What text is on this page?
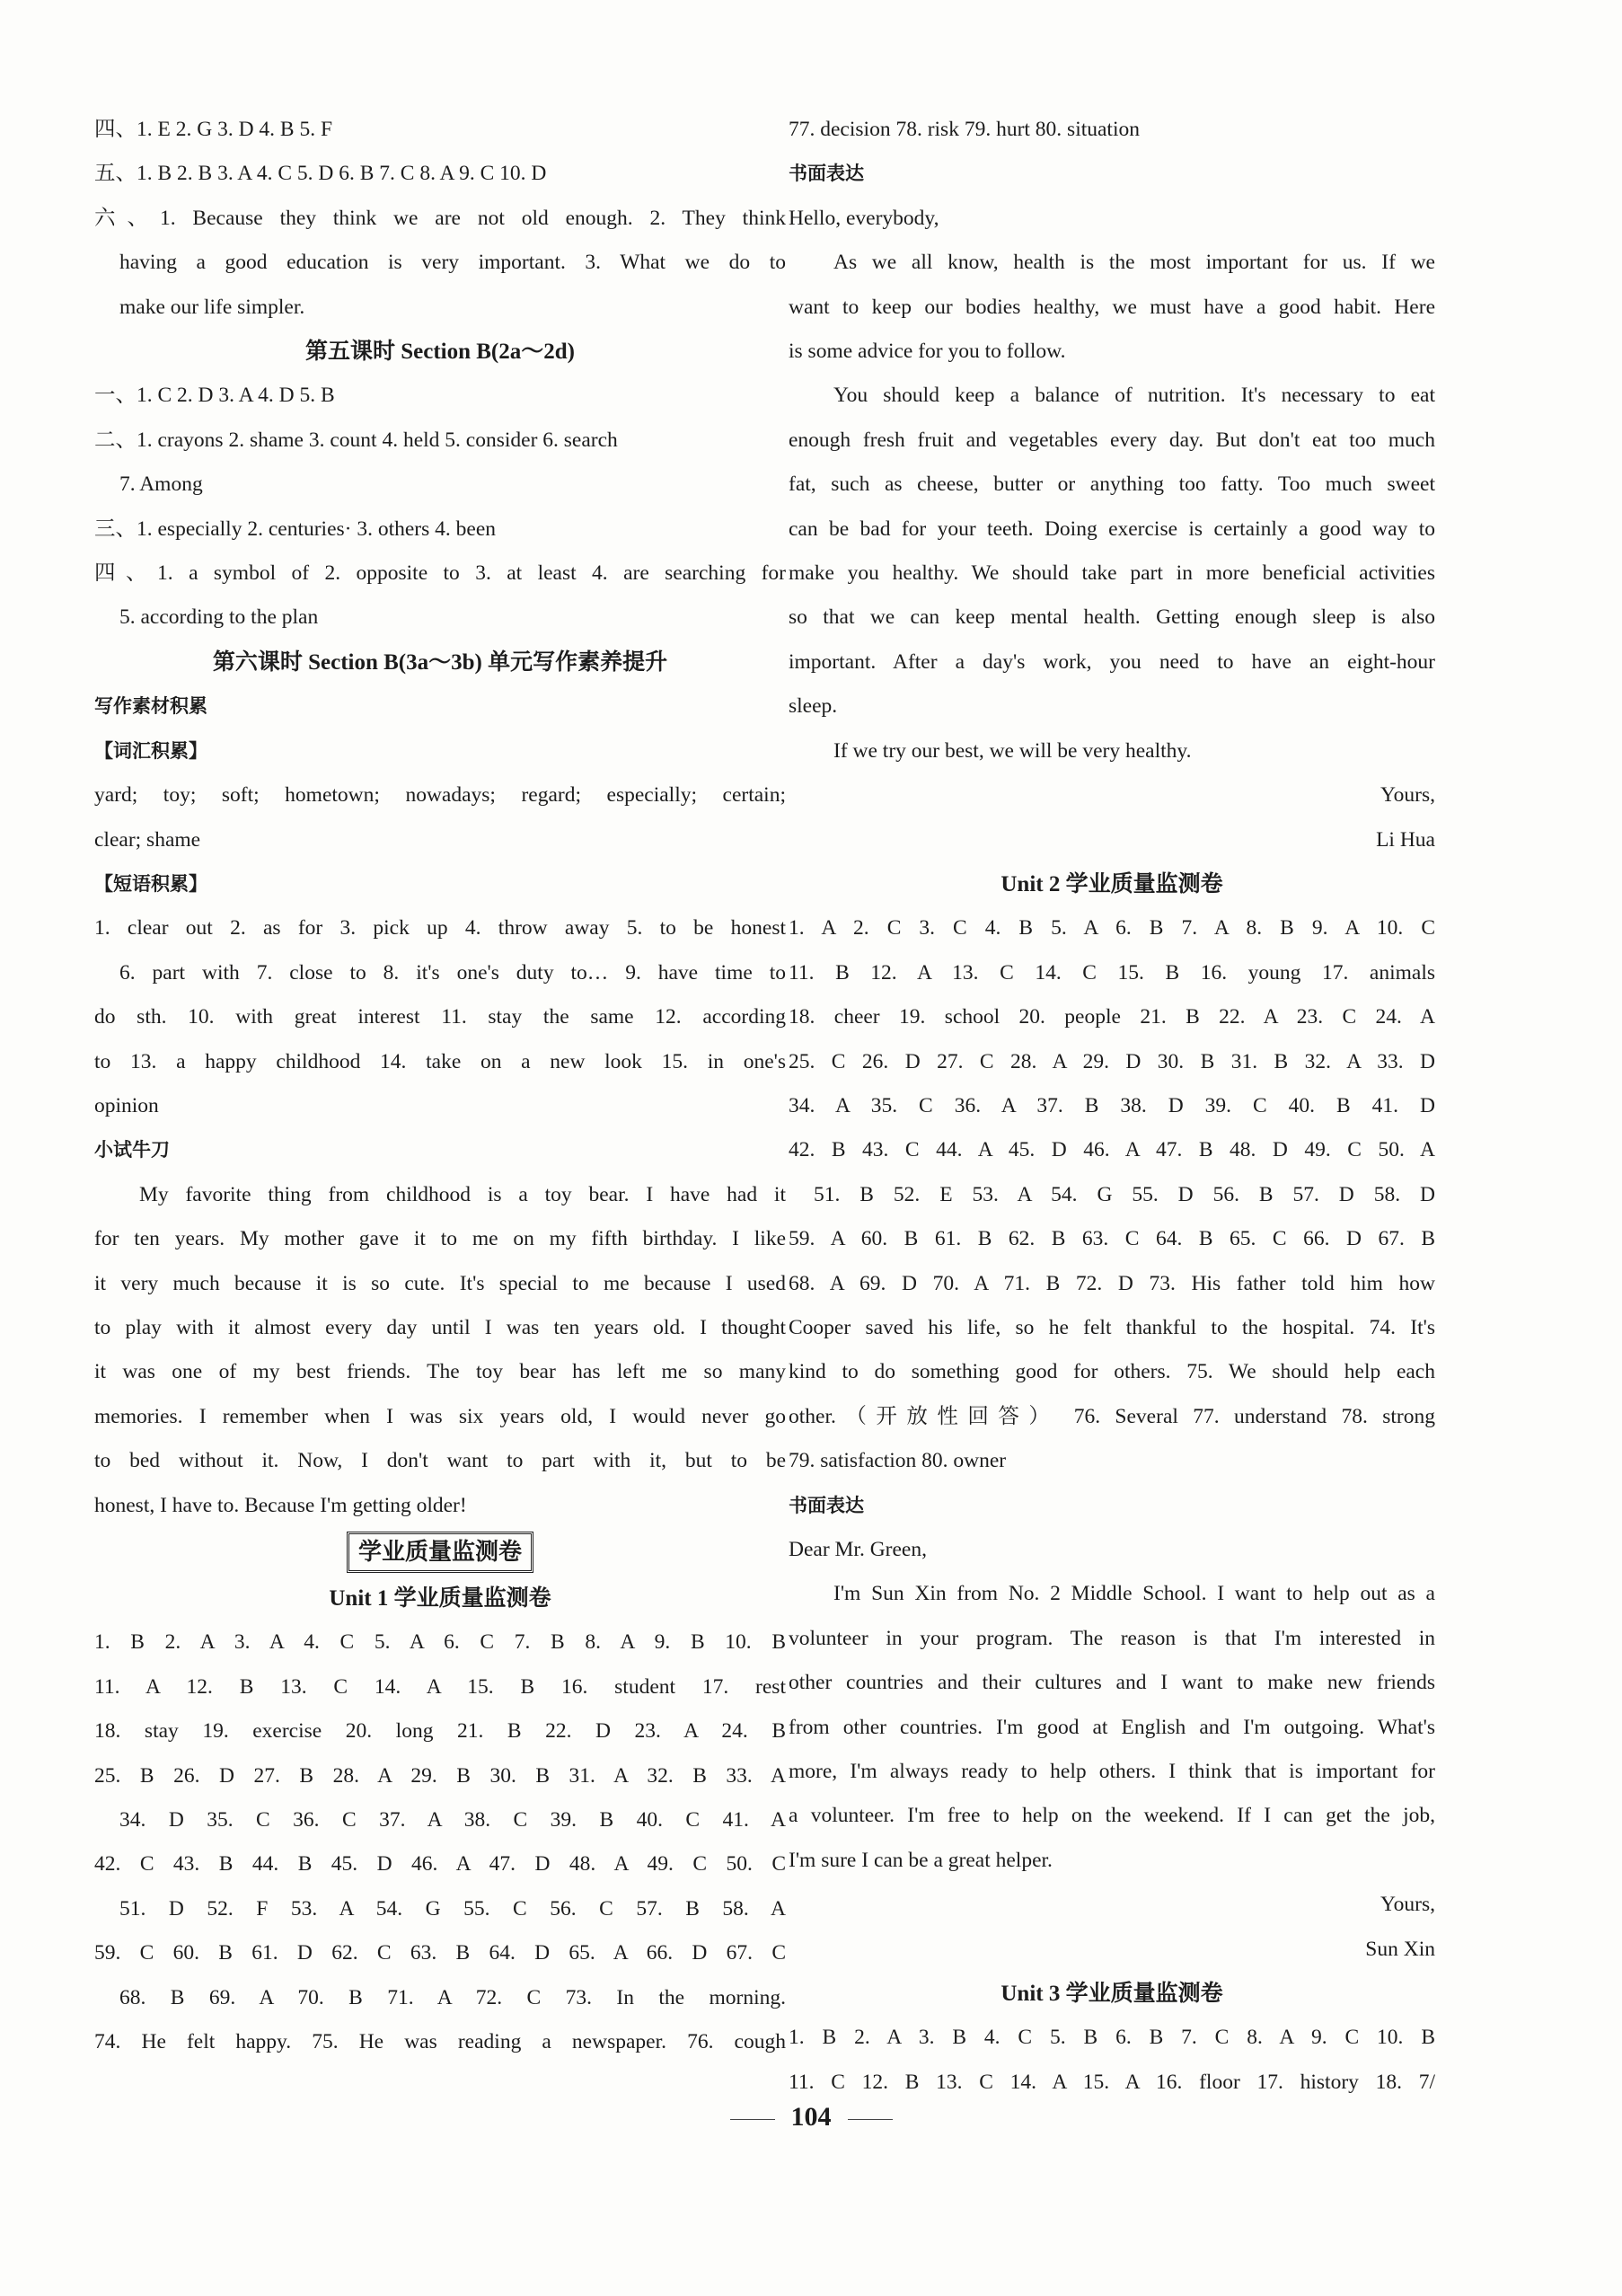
四、1. E 2. G 3. D 4. B 5. F
五、1. B 2. B 3. A 4. C 5. D 6. B 7. C 8. A 9. C 10. D
六、1. Because they think we are not old enough. 2. They think
having a good education is very important. 3. What we do to
make our life simpler.
第五课时 Section B(2a～2d)
一、1. C 2. D 3. A 4. D 5. B
二、1. crayons 2. shame 3. count 4. held 5. consider 6. search
7. Among
三、1. especially 2. centuries· 3. others 4. been
四、1. a symbol of 2. opposite to 3. at least 4. are searching for
5. according to the plan
第六课时 Section B(3a～3b) 单元写作素养提升
写作素材积累
【词汇积累】
yard; toy; soft; hometown; nowadays; regard; especially; certain;
clear; shame
【短语积累】
1. clear out 2. as for 3. pick up 4. throw away 5. to be honest
6. part with 7. close to 8. it's one's duty to… 9. have time to
do sth. 10. with great interest 11. stay the same 12. according
to 13. a happy childhood 14. take on a new look 15. in one's
opinion
小试牛刀
My favorite thing from childhood is a toy bear. I have had it
for ten years. My mother gave it to me on my fifth birthday. I like
it very much because it is so cute. It's special to me because I used
to play with it almost every day until I was ten years old. I thought
it was one of my best friends. The toy bear has left me so many
memories. I remember when I was six years old, I would never go
to bed without it. Now, I don't want to part with it, but to be
honest, I have to. Because I'm getting older!
学业质量监测卷
Unit 1 学业质量监测卷
1. B 2. A 3. A 4. C 5. A 6. C 7. B 8. A 9. B 10. B
11. A 12. B 13. C 14. A 15. B 16. student 17. rest
18. stay 19. exercise 20. long 21. B 22. D 23. A 24. B
25. B 26. D 27. B 28. A 29. B 30. B 31. A 32. B 33. A
34. D 35. C 36. C 37. A 38. C 39. B 40. C 41. A
42. C 43. B 44. B 45. D 46. A 47. D 48. A 49. C 50. C
51. D 52. F 53. A 54. G 55. C 56. C 57. B 58. A
59. C 60. B 61. D 62. C 63. B 64. D 65. A 66. D 67. C
68. B 69. A 70. B 71. A 72. C 73. In the morning.
74. He felt happy. 75. He was reading a newspaper. 76. cough
77. decision 78. risk 79. hurt 80. situation
书面表达
Hello, everybody,
As we all know, health is the most important for us. If we
want to keep our bodies healthy, we must have a good habit. Here
is some advice for you to follow.
You should keep a balance of nutrition. It's necessary to eat
enough fresh fruit and vegetables every day. But don't eat too much
fat, such as cheese, butter or anything too fatty. Too much sweet
can be bad for your teeth. Doing exercise is certainly a good way to
make you healthy. We should take part in more beneficial activities
so that we can keep mental health. Getting enough sleep is also
important. After a day's work, you need to have an eight-hour
sleep.
If we try our best, we will be very healthy.
Yours,
Li Hua
Unit 2 学业质量监测卷
1. A 2. C 3. C 4. B 5. A 6. B 7. A 8. B 9. A 10. C
11. B 12. A 13. C 14. C 15. B 16. young 17. animals
18. cheer 19. school 20. people 21. B 22. A 23. C 24. A
25. C 26. D 27. C 28. A 29. D 30. B 31. B 32. A 33. D
34. A 35. C 36. A 37. B 38. D 39. C 40. B 41. D
42. B 43. C 44. A 45. D 46. A 47. B 48. D 49. C 50. A
51. B 52. E 53. A 54. G 55. D 56. B 57. D 58. D
59. A 60. B 61. B 62. B 63. C 64. B 65. C 66. D 67. B
68. A 69. D 70. A 71. B 72. D 73. His father told him how
Cooper saved his life, so he felt thankful to the hospital. 74. It's
kind to do something good for others. 75. We should help each
other.（开放性回答） 76. Several 77. understand 78. strong
79. satisfaction 80. owner
书面表达
Dear Mr. Green,
I'm Sun Xin from No. 2 Middle School. I want to help out as a
volunteer in your program. The reason is that I'm interested in
other countries and their cultures and I want to make new friends
from other countries. I'm good at English and I'm outgoing. What's
more, I'm always ready to help others. I think that is important for
a volunteer. I'm free to help on the weekend. If I can get the job,
I'm sure I can be a great helper.
Yours,
Sun Xin
Unit 3 学业质量监测卷
1. B 2. A 3. B 4. C 5. B 6. B 7. C 8. A 9. C 10. B
11. C 12. B 13. C 14. A 15. A 16. floor 17. history 18. 7/
104
